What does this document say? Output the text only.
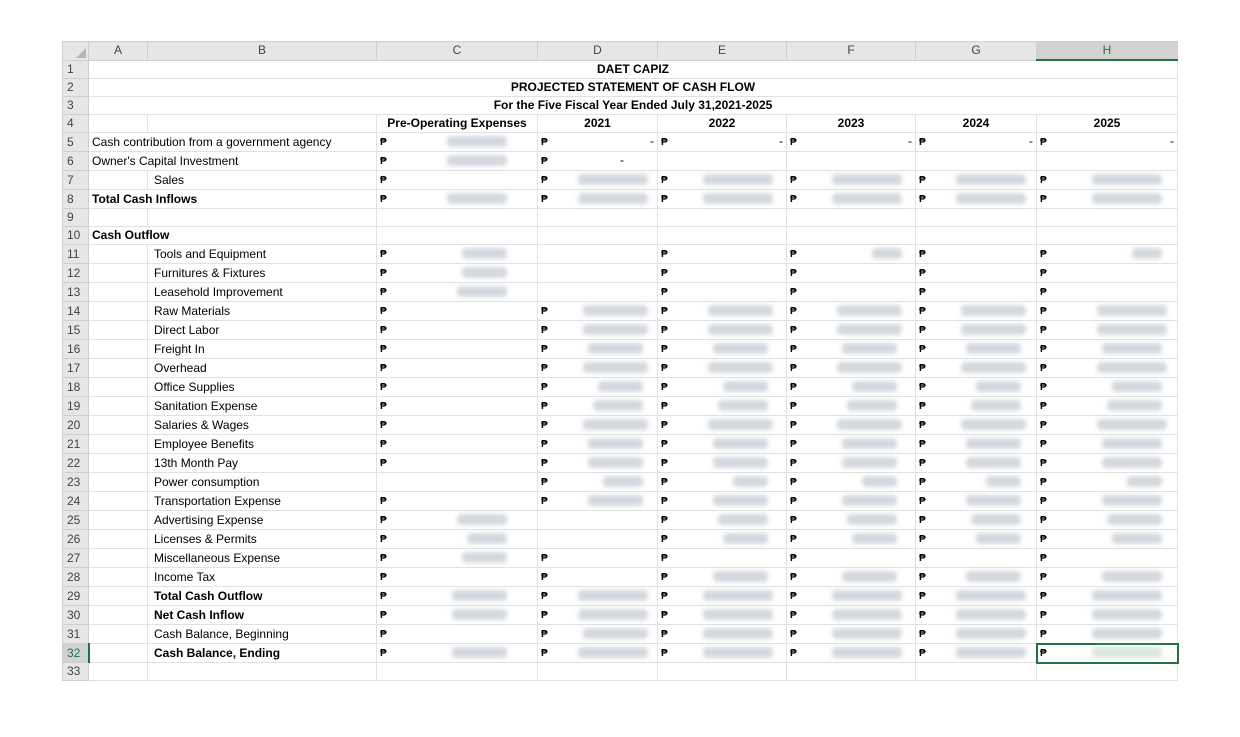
	A	B	C	D	E	F	G	H
1	DAET CAPIZ							
2	PROJECTED STATEMENT OF CASH FLOW							
3	For the Five Fiscal Year Ended July 31,2021-2025							
4			Pre-Operating Expenses	2021	2022	2023	2024	2025
5	Cash contribution from a government agency		₱	₱ -	₱ -	₱ -	₱ -	₱ -

6	Owner's Capital Investment		₱	₱ -				

7		Sales	₱	₱	₱	₱	₱	₱

8	Total Cash Inflows		₱	₱	₱	₱	₱	₱

9								
10	Cash Outflow							
11		Tools and Equipment	₱		₱	₱	₱	₱

12		Furnitures & Fixtures	₱		₱	₱	₱	₱
13		Leasehold Improvement	₱		₱	₱	₱	₱
14		Raw Materials	₱	₱	₱	₱	₱	₱

15		Direct Labor	₱	₱	₱	₱	₱	₱

16		Freight In	₱	₱	₱	₱	₱	₱

17		Overhead	₱	₱	₱	₱	₱	₱

18		Office Supplies	₱	₱	₱	₱	₱	₱

19		Sanitation Expense	₱	₱	₱	₱	₱	₱

20		Salaries & Wages	₱	₱	₱	₱	₱	₱

21		Employee Benefits	₱	₱	₱	₱	₱	₱

22		13th Month Pay	₱	₱	₱	₱	₱	₱

23		Power consumption		₱	₱	₱	₱	₱

24		Transportation Expense	₱	₱	₱	₱	₱	₱

25		Advertising Expense	₱		₱	₱	₱	₱

26		Licenses & Permits	₱		₱	₱	₱	₱

27		Miscellaneous Expense	₱	₱	₱	₱	₱	₱
28		Income Tax	₱	₱	₱	₱	₱	₱

29		Total Cash Outflow	₱	₱	₱	₱	₱	₱

30		Net Cash Inflow	₱	₱	₱	₱	₱	₱

31		Cash Balance, Beginning	₱	₱	₱	₱	₱	₱

32		Cash Balance, Ending	₱	₱	₱	₱	₱	₱

33								
